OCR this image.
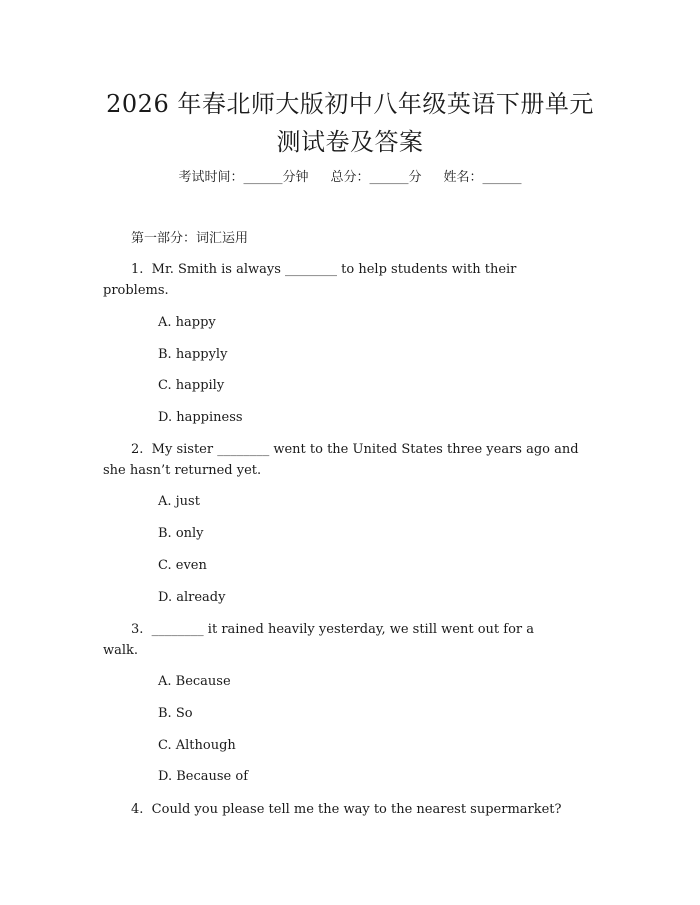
2026 年春北师大版初中八年级英语下册单元
测试卷及答案
考试时间：______分钟 总分：______分 姓名：______
第一部分：词汇运用
1.  Mr. Smith is always ________ to help students with their
problems.
A. happy
B. happyly
C. happily
D. happiness
2.  My sister ________ went to the United States three years ago and
she hasn’t returned yet.
A. just
B. only
C. even
D. already
3.  ________ it rained heavily yesterday, we still went out for a
walk.
A. Because
B. So
C. Although
D. Because of
4.  Could you please tell me the way to the nearest supermarket?
